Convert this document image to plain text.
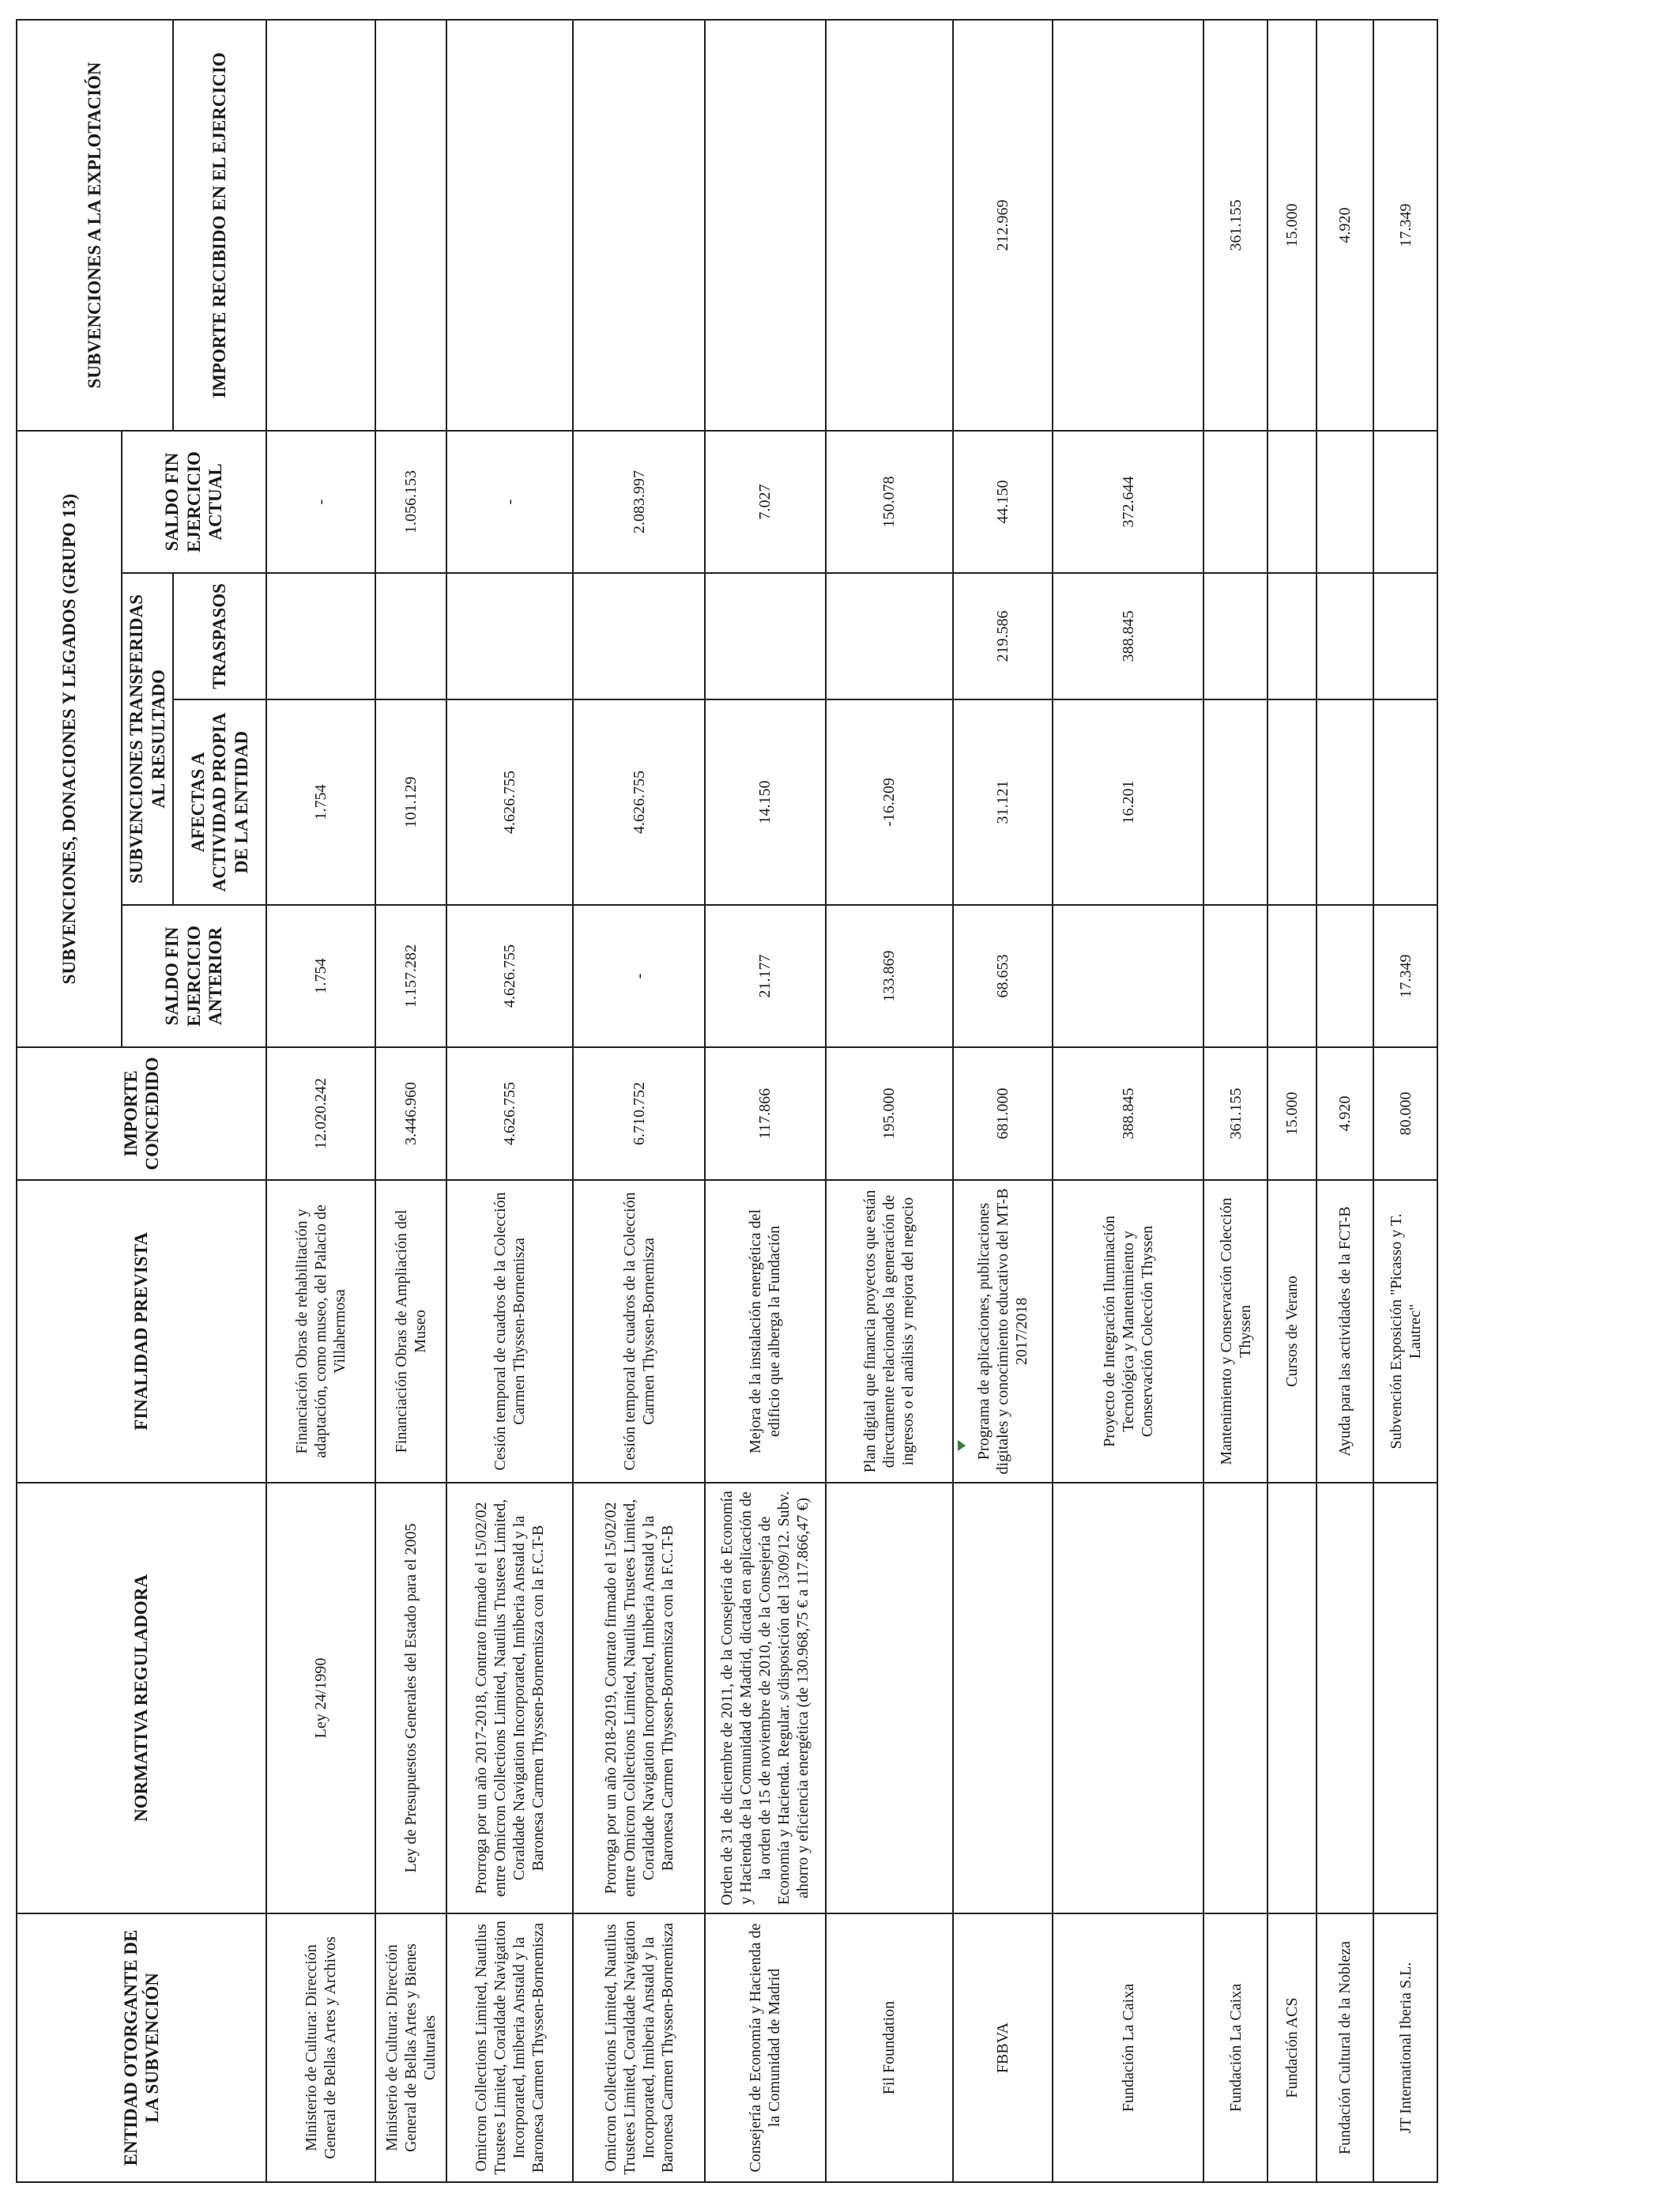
ENTIDAD OTORGANTE DE LA SUBVENCIÓN	NORMATIVA REGULADORA	FINALIDAD PREVISTA	IMPORTE CONCEDIDO	SUBVENCIONES, DONACIONES Y LEGADOS (GRUPO 13)				SUBVENCIONES A LA EXPLOTACIÓN
				SALDO FIN EJERCICIO ANTERIOR	SUBVENCIONES TRANSFERIDAS AL RESULTADO		SALDO FIN EJERCICIO ACTUAL	
					AFECTAS A ACTIVIDAD PROPIA DE LA ENTIDAD	TRASPASOS		IMPORTE RECIBIDO EN EL EJERCICIO

Ministerio de Cultura: Dirección General de Bellas Artes y Archivos	Ley 24/1990	Financiación Obras de rehabilitación y adaptación, como museo, del Palacio de Villahermosa	12.020.242	1.754	1.754		-	
Ministerio de Cultura: Dirección General de Bellas Artes y Bienes Culturales	Ley de Presupuestos Generales del Estado para el 2005	Financiación Obras de Ampliación del Museo	3.446.960	1.157.282	101.129		1.056.153	
Omicron Collections Limited, Nautilus Trustees Limited, Coraldade Navigation Incorporated, Imiberia Anstald y la Baronesa Carmen Thyssen-Bornemisza	Prorroga por un año 2017-2018, Contrato firmado el 15/02/02 entre Omicron Collections Limited, Nautilus Trustees Limited, Coraldade Navigation Incorporated, Imiberia Anstald y la Baronesa Carmen Thyssen-Bornemisza con la F.C.T-B	Cesión temporal de cuadros de la Colección Carmen Thyssen-Bornemisza	4.626.755	4.626.755	4.626.755		-	
Omicron Collections Limited, Nautilus Trustees Limited, Coraldade Navigation Incorporated, Imiberia Anstald y la Baronesa Carmen Thyssen-Bornemisza	Prorroga por un año 2018-2019, Contrato firmado el 15/02/02 entre Omicron Collections Limited, Nautilus Trustees Limited, Coraldade Navigation Incorporated, Imiberia Anstald y la Baronesa Carmen Thyssen-Bornemisza con la F.C.T-B	Cesión temporal de cuadros de la Colección Carmen Thyssen-Bornemisza	6.710.752	-	4.626.755		2.083.997	
Consejería de Economía y Hacienda de la Comunidad de Madrid	Orden de 31 de diciembre de 2011, de la Consejería de Economía y Hacienda de la Comunidad de Madrid, dictada en aplicación de la orden de 15 de noviembre de 2010, de la Consejería de Economía y Hacienda. Regular. s/disposición del 13/09/12. Subv. ahorro y eficiencia energética (de 130.968,75 € a 117.866,47 €)	Mejora de la instalación energética del edificio que alberga la Fundación	117.866	21.177	14.150		7.027	
Fil Foundation		Plan digital que financia proyectos que están directamente relacionados la generación de ingresos o el análisis y mejora del negocio	195.000	133.869	-16.209		150.078	
FBBVA		Programa de aplicaciones, publicaciones digitales y conocimiento educativo del MT-B 2017/2018	681.000	68.653	31.121	219.586	44.150	212.969
Fundación La Caixa		Proyecto de Integración Iluminación Tecnológica y Mantenimiento y Conservación Colección Thyssen	388.845		16.201	388.845	372.644	
Fundación La Caixa		Mantenimiento y Conservación Colección Thyssen	361.155					361.155
Fundación ACS		Cursos de Verano	15.000					15.000
Fundación Cultural de la Nobleza		Ayuda para las actividades de la FCT-B	4.920					4.920
JT International Iberia S.L.		Subvención Exposición "Picasso y T. Lautrec"	80.000	17.349				17.349
